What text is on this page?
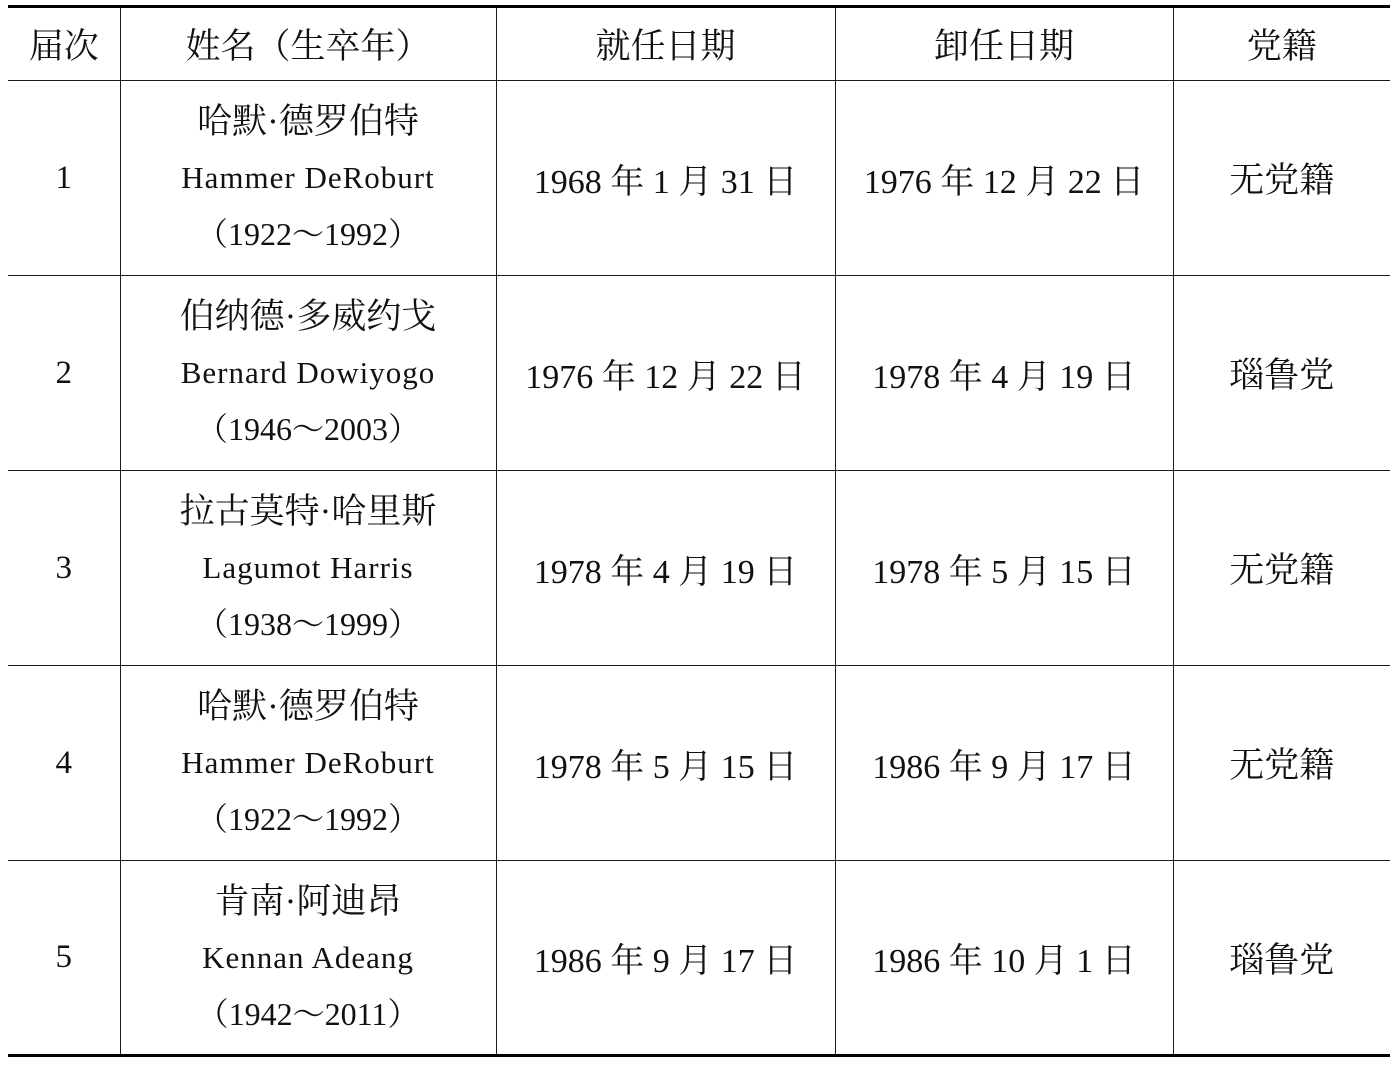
届次	姓名（生卒年）	就任日期	卸任日期	党籍
1	哈默·德罗伯特
Hammer DeRoburt
（1922～1992）	1968 年 1 月 31 日	1976 年 12 月 22 日	无党籍
2	伯纳德·多威约戈
Bernard Dowiyogo
（1946～2003）	1976 年 12 月 22 日	1978 年 4 月 19 日	瑙鲁党
3	拉古莫特·哈里斯
Lagumot Harris
（1938～1999）	1978 年 4 月 19 日	1978 年 5 月 15 日	无党籍
4	哈默·德罗伯特
Hammer DeRoburt
（1922～1992）	1978 年 5 月 15 日	1986 年 9 月 17 日	无党籍
5	肯南·阿迪昂
Kennan Adeang
（1942～2011）	1986 年 9 月 17 日	1986 年 10 月 1 日	瑙鲁党
